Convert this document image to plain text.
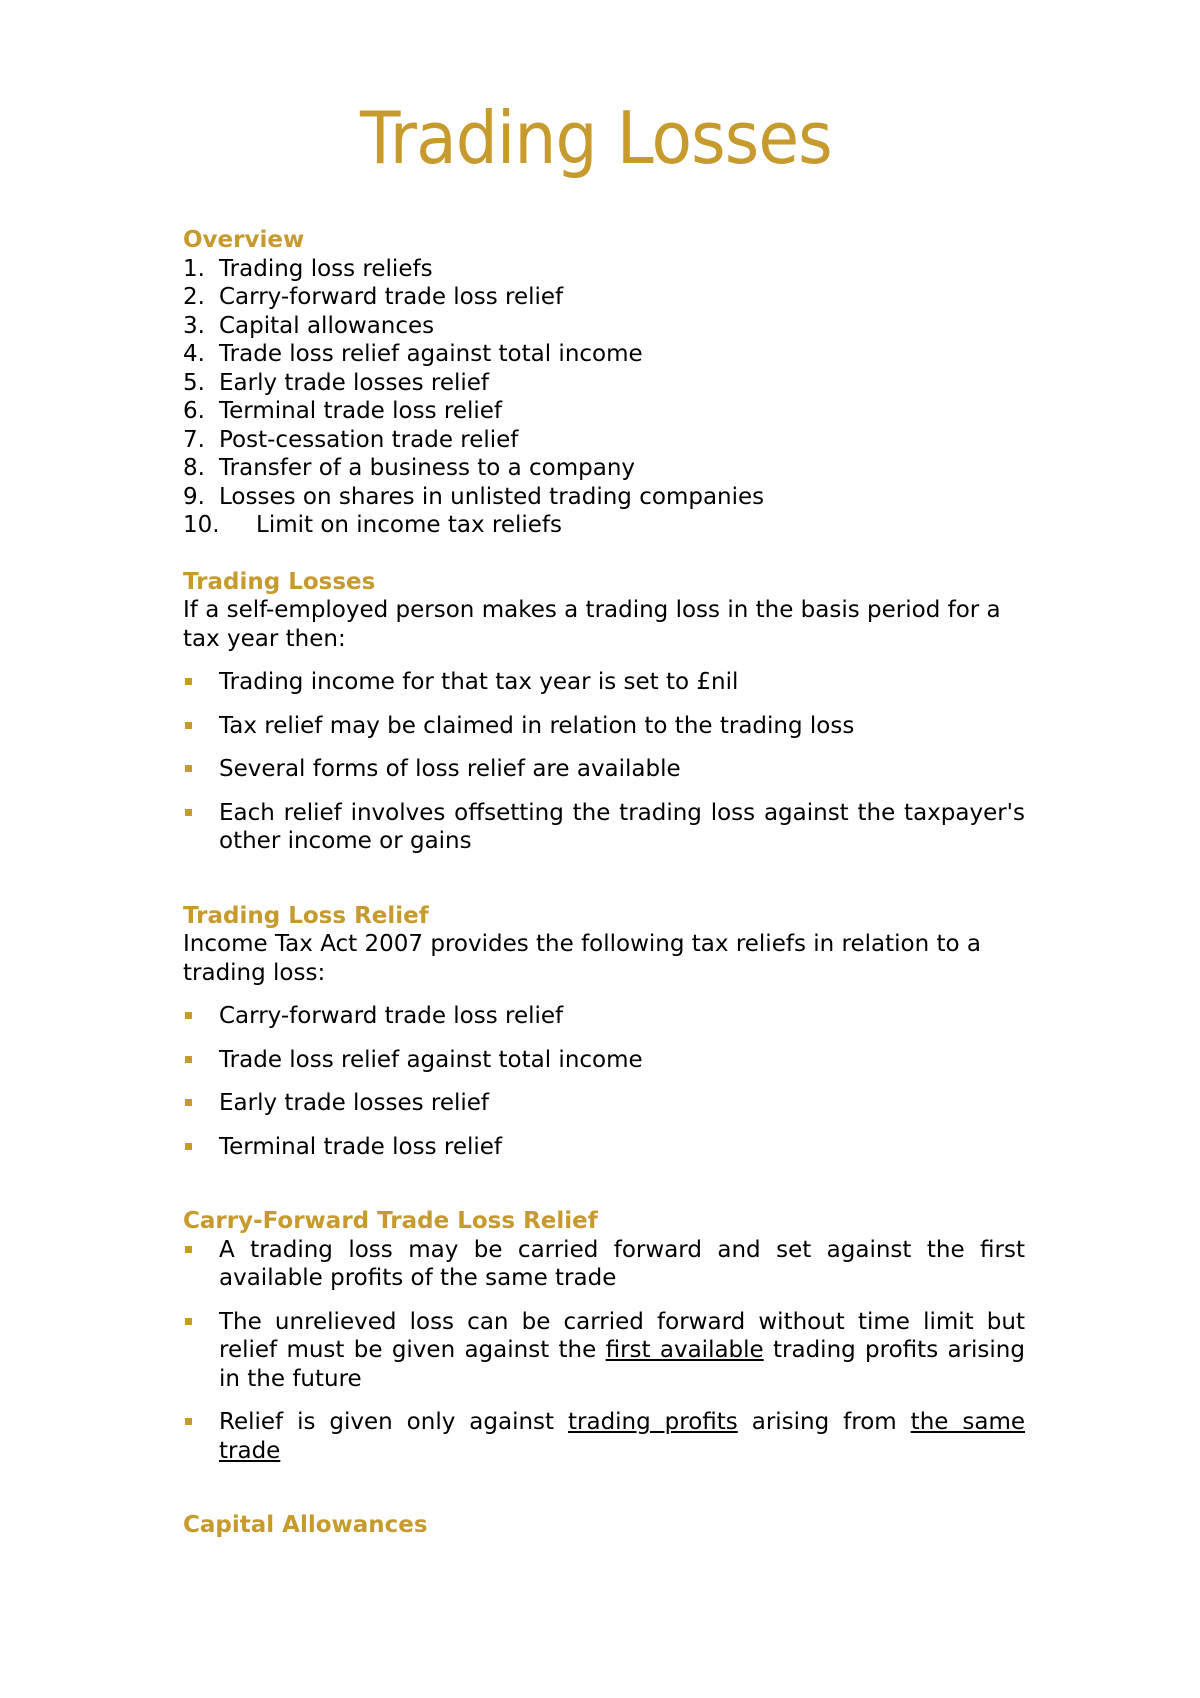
Trading Losses
Overview
1. Trading loss reliefs
2. Carry-forward trade loss relief
3. Capital allowances
4. Trade loss relief against total income
5. Early trade losses relief
6. Terminal trade loss relief
7. Post-cessation trade relief
8. Transfer of a business to a company
9. Losses on shares in unlisted trading companies
10.	Limit on income tax reliefs
Trading Losses

If a self-employed person makes a trading loss in the basis period for a tax year then:

Trading income for that tax year is set to £nil
Tax relief may be claimed in relation to the trading loss
Several forms of loss relief are available
Each relief involves offsetting the trading loss against the taxpayer's other income or gains
Trading Loss Relief

Income Tax Act 2007 provides the following tax reliefs in relation to a trading loss:

Carry-forward trade loss relief
Trade loss relief against total income
Early trade losses relief
Terminal trade loss relief
Carry-Forward Trade Loss Relief
A trading loss may be carried forward and set against the first available profits of the same trade
The unrelieved loss can be carried forward without time limit but relief must be given against the first available trading profits arising in the future
Relief is given only against trading profits arising from the same trade
Capital Allowances
